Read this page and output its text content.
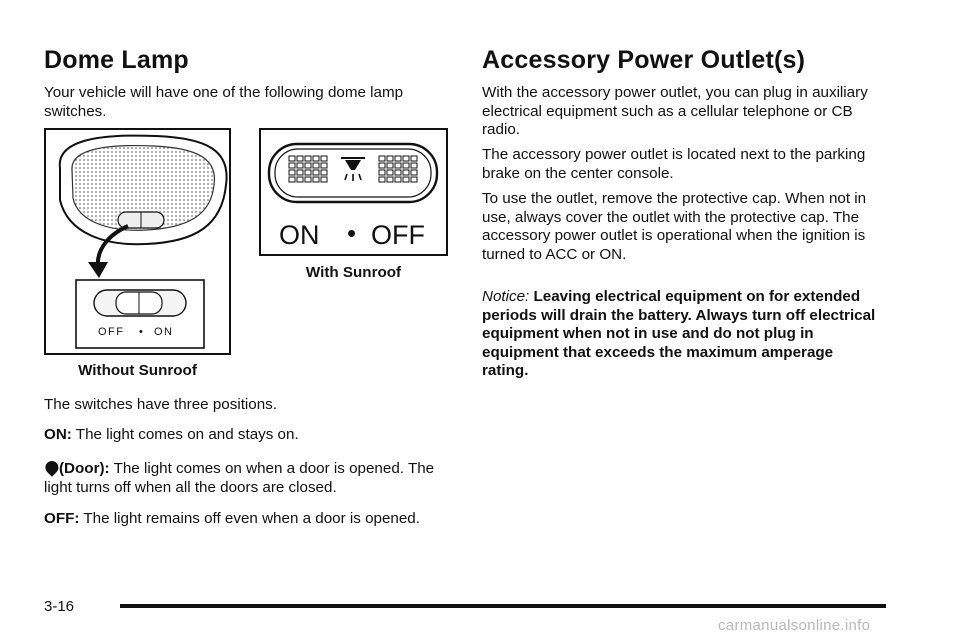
Dome Lamp

Your vehicle will have one of the following dome lamp switches.

OFF • ON
Without Sunroof
ON • OFF
With Sunroof

The switches have three positions.

ON: The light comes on and stays on.

(Door): The light comes on when a door is opened. The light turns off when all the doors are closed.

OFF: The light remains off even when a door is opened.

Accessory Power Outlet(s)

With the accessory power outlet, you can plug in auxiliary electrical equipment such as a cellular telephone or CB radio.

The accessory power outlet is located next to the parking brake on the center console.

To use the outlet, remove the protective cap. When not in use, always cover the outlet with the protective cap. The accessory power outlet is operational when the ignition is turned to ACC or ON.

Notice: Leaving electrical equipment on for extended periods will drain the battery. Always turn off electrical equipment when not in use and do not plug in equipment that exceeds the maximum amperage rating.

3-16
carmanualsonline.info
